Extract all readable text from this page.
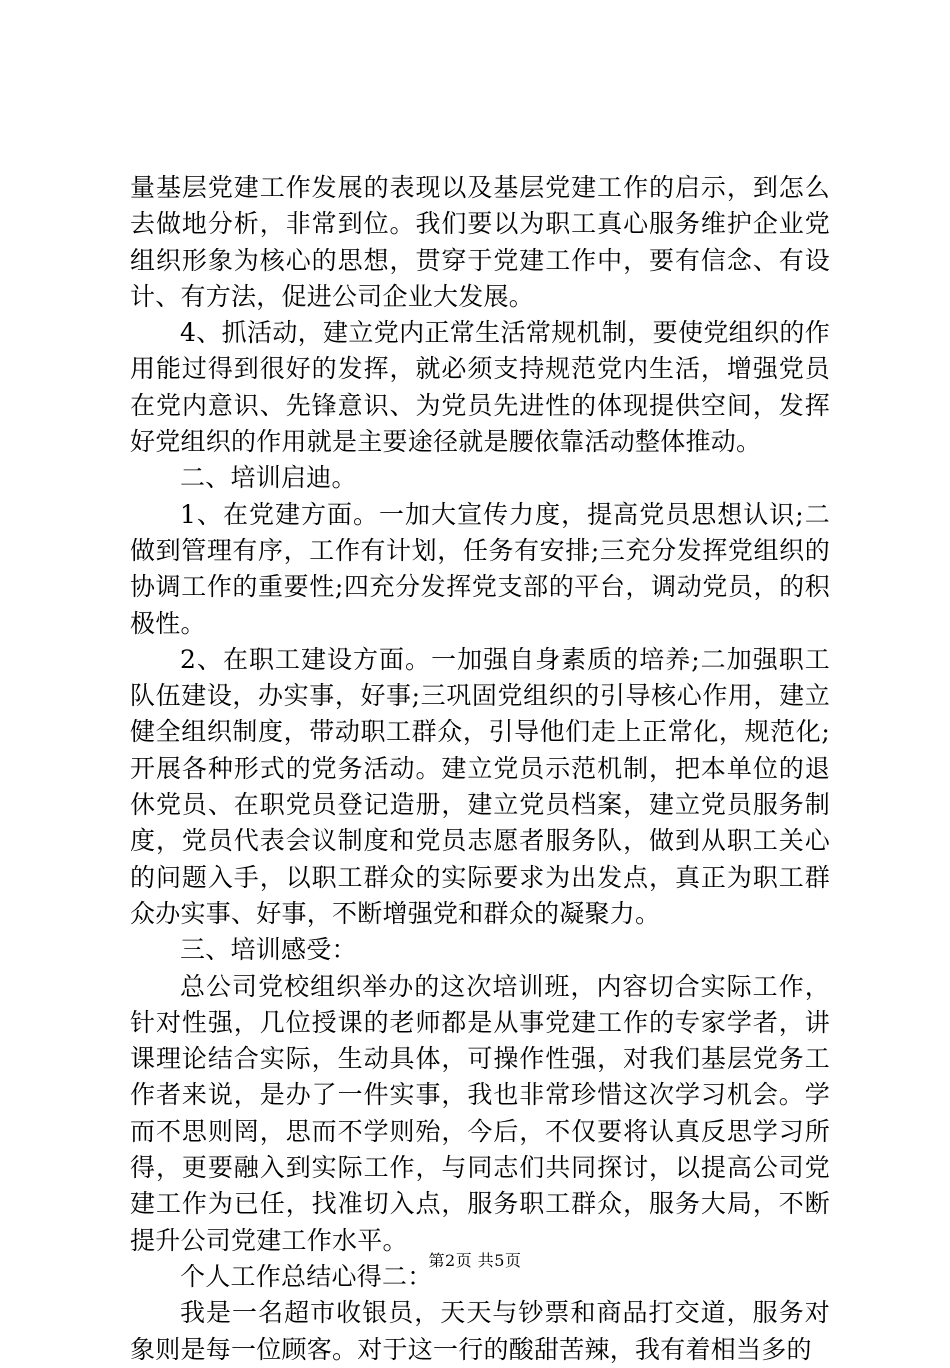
量基层党建工作发展的表现以及基层党建工作的启示，到怎么去做地分析，非常到位。我们要以为职工真心服务维护企业党组织形象为核心的思想，贯穿于党建工作中，要有信念、有设计、有方法，促进公司企业大发展。

4、抓活动，建立党内正常生活常规机制，要使党组织的作用能过得到很好的发挥，就必须支持规范党内生活，增强党员在党内意识、先锋意识、为党员先进性的体现提供空间，发挥好党组织的作用就是主要途径就是腰依靠活动整体推动。

二、培训启迪。

1、在党建方面。一加大宣传力度，提高党员思想认识;二做到管理有序，工作有计划，任务有安排;三充分发挥党组织的协调工作的重要性;四充分发挥党支部的平台，调动党员，的积极性。

2、在职工建设方面。一加强自身素质的培养;二加强职工队伍建设，办实事，好事;三巩固党组织的引导核心作用，建立健全组织制度，带动职工群众，引导他们走上正常化，规范化;开展各种形式的党务活动。建立党员示范机制，把本单位的退休党员、在职党员登记造册，建立党员档案，建立党员服务制度，党员代表会议制度和党员志愿者服务队，做到从职工关心的问题入手，以职工群众的实际要求为出发点，真正为职工群众办实事、好事，不断增强党和群众的凝聚力。

三、培训感受：

总公司党校组织举办的这次培训班，内容切合实际工作，针对性强，几位授课的老师都是从事党建工作的专家学者，讲课理论结合实际，生动具体，可操作性强，对我们基层党务工作者来说，是办了一件实事，我也非常珍惜这次学习机会。学而不思则罔，思而不学则殆，今后，不仅要将认真反思学习所得，更要融入到实际工作，与同志们共同探讨，以提高公司党建工作为已任，找准切入点，服务职工群众，服务大局，不断提升公司党建工作水平。

个人工作总结心得二：

我是一名超市收银员，天天与钞票和商品打交道，服务对象则是每一位顾客。对于这一行的酸甜苦辣，我有着相当多的

第2页 共5页
